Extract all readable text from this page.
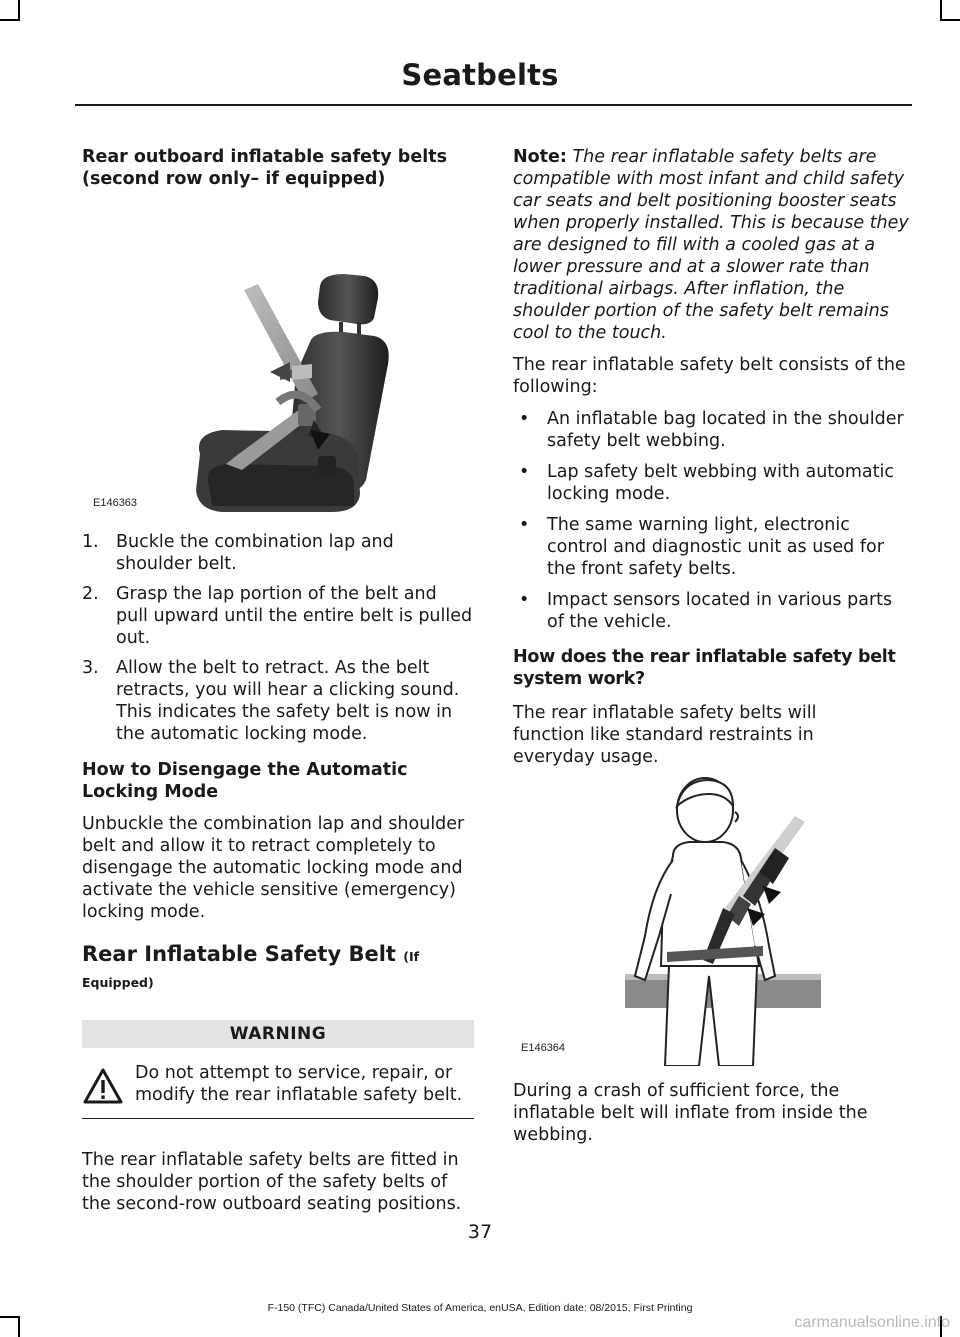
Seatbelts
Rear outboard inflatable safety belts (second row only– if equipped)
E146363
1. Buckle the combination lap and shoulder belt.
2. Grasp the lap portion of the belt and pull upward until the entire belt is pulled out.
3. Allow the belt to retract. As the belt retracts, you will hear a clicking sound. This indicates the safety belt is now in the automatic locking mode.
How to Disengage the Automatic Locking Mode
Unbuckle the combination lap and shoulder belt and allow it to retract completely to disengage the automatic locking mode and activate the vehicle sensitive (emergency) locking mode.
Rear Inflatable Safety Belt (If
Equipped)
WARNING
Do not attempt to service, repair, or modify the rear inflatable safety belt.
The rear inflatable safety belts are fitted in the shoulder portion of the safety belts of the second-row outboard seating positions.
Note: The rear inflatable safety belts are compatible with most infant and child safety car seats and belt positioning booster seats when properly installed. This is because they are designed to fill with a cooled gas at a lower pressure and at a slower rate than traditional airbags. After inflation, the shoulder portion of the safety belt remains cool to the touch.
The rear inflatable safety belt consists of the following:
• An inflatable bag located in the shoulder safety belt webbing.
• Lap safety belt webbing with automatic locking mode.
• The same warning light, electronic control and diagnostic unit as used for the front safety belts.
• Impact sensors located in various parts of the vehicle.
How does the rear inflatable safety belt system work?
The rear inflatable safety belts will function like standard restraints in everyday usage.
E146364
During a crash of sufficient force, the inflatable belt will inflate from inside the webbing.
37
F-150 (TFC) Canada/United States of America, enUSA, Edition date: 08/2015, First Printing
carmanualsonline.info
